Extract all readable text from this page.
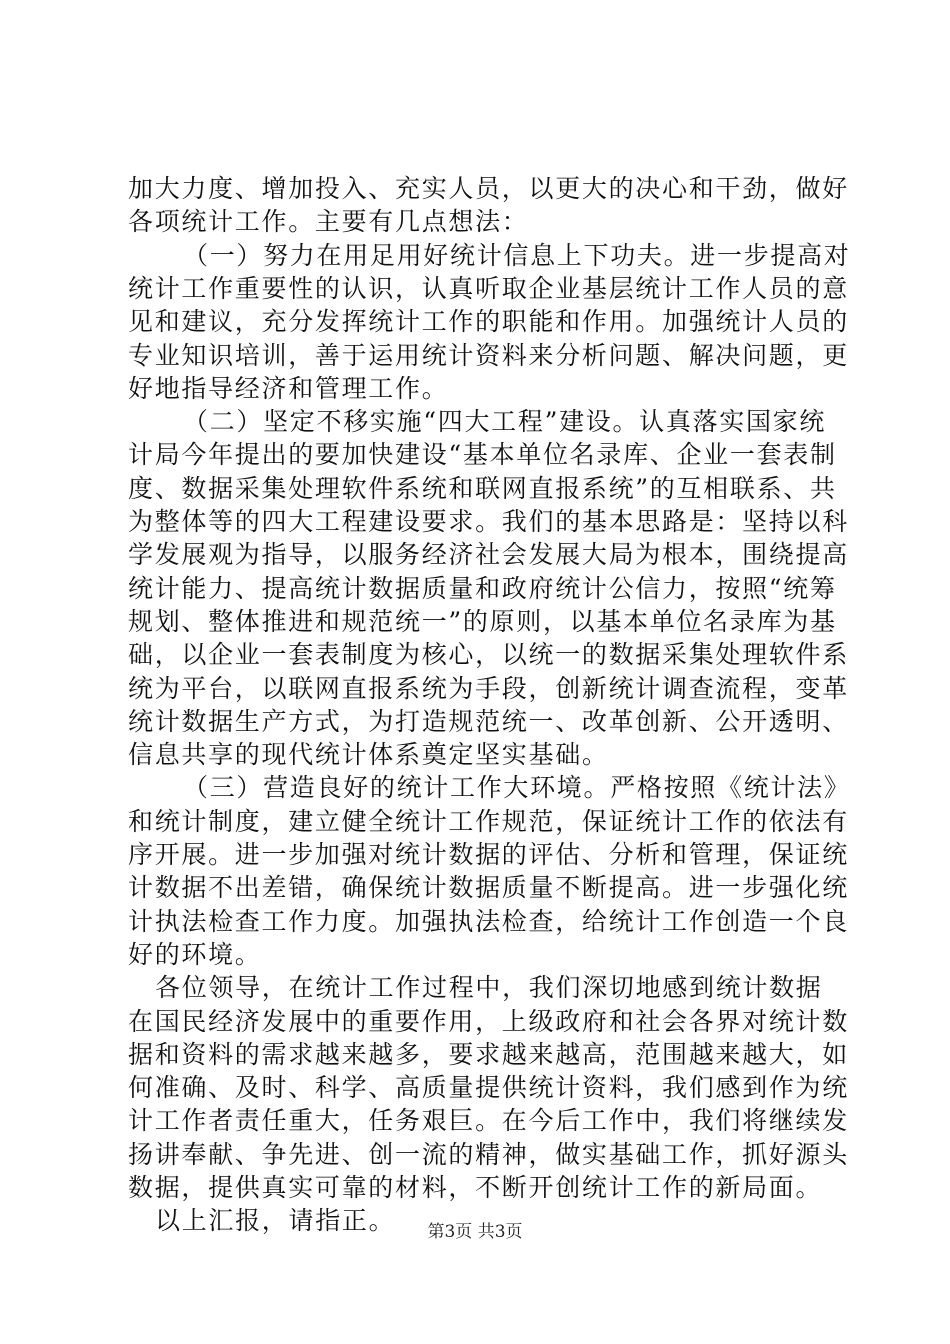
加大力度、增加投入、充实人员，以更大的决心和干劲，做好
各项统计工作。主要有几点想法：
（一）努力在用足用好统计信息上下功夫。进一步提高对
统计工作重要性的认识，认真听取企业基层统计工作人员的意
见和建议，充分发挥统计工作的职能和作用。加强统计人员的
专业知识培训，善于运用统计资料来分析问题、解决问题，更
好地指导经济和管理工作。
（二）坚定不移实施“四大工程”建设。认真落实国家统
计局今年提出的要加快建设“基本单位名录库、企业一套表制
度、数据采集处理软件系统和联网直报系统”的互相联系、共
为整体等的四大工程建设要求。我们的基本思路是：坚持以科
学发展观为指导，以服务经济社会发展大局为根本，围绕提高
统计能力、提高统计数据质量和政府统计公信力，按照“统筹
规划、整体推进和规范统一”的原则，以基本单位名录库为基
础，以企业一套表制度为核心，以统一的数据采集处理软件系
统为平台，以联网直报系统为手段，创新统计调查流程，变革
统计数据生产方式，为打造规范统一、改革创新、公开透明、
信息共享的现代统计体系奠定坚实基础。
（三）营造良好的统计工作大环境。严格按照《统计法》
和统计制度，建立健全统计工作规范，保证统计工作的依法有
序开展。进一步加强对统计数据的评估、分析和管理，保证统
计数据不出差错，确保统计数据质量不断提高。进一步强化统
计执法检查工作力度。加强执法检查，给统计工作创造一个良
好的环境。
各位领导，在统计工作过程中，我们深切地感到统计数据
在国民经济发展中的重要作用，上级政府和社会各界对统计数
据和资料的需求越来越多，要求越来越高，范围越来越大，如
何准确、及时、科学、高质量提供统计资料，我们感到作为统
计工作者责任重大，任务艰巨。在今后工作中，我们将继续发
扬讲奉献、争先进、创一流的精神，做实基础工作，抓好源头
数据，提供真实可靠的材料，不断开创统计工作的新局面。
以上汇报，请指正。	第3页 共3页
